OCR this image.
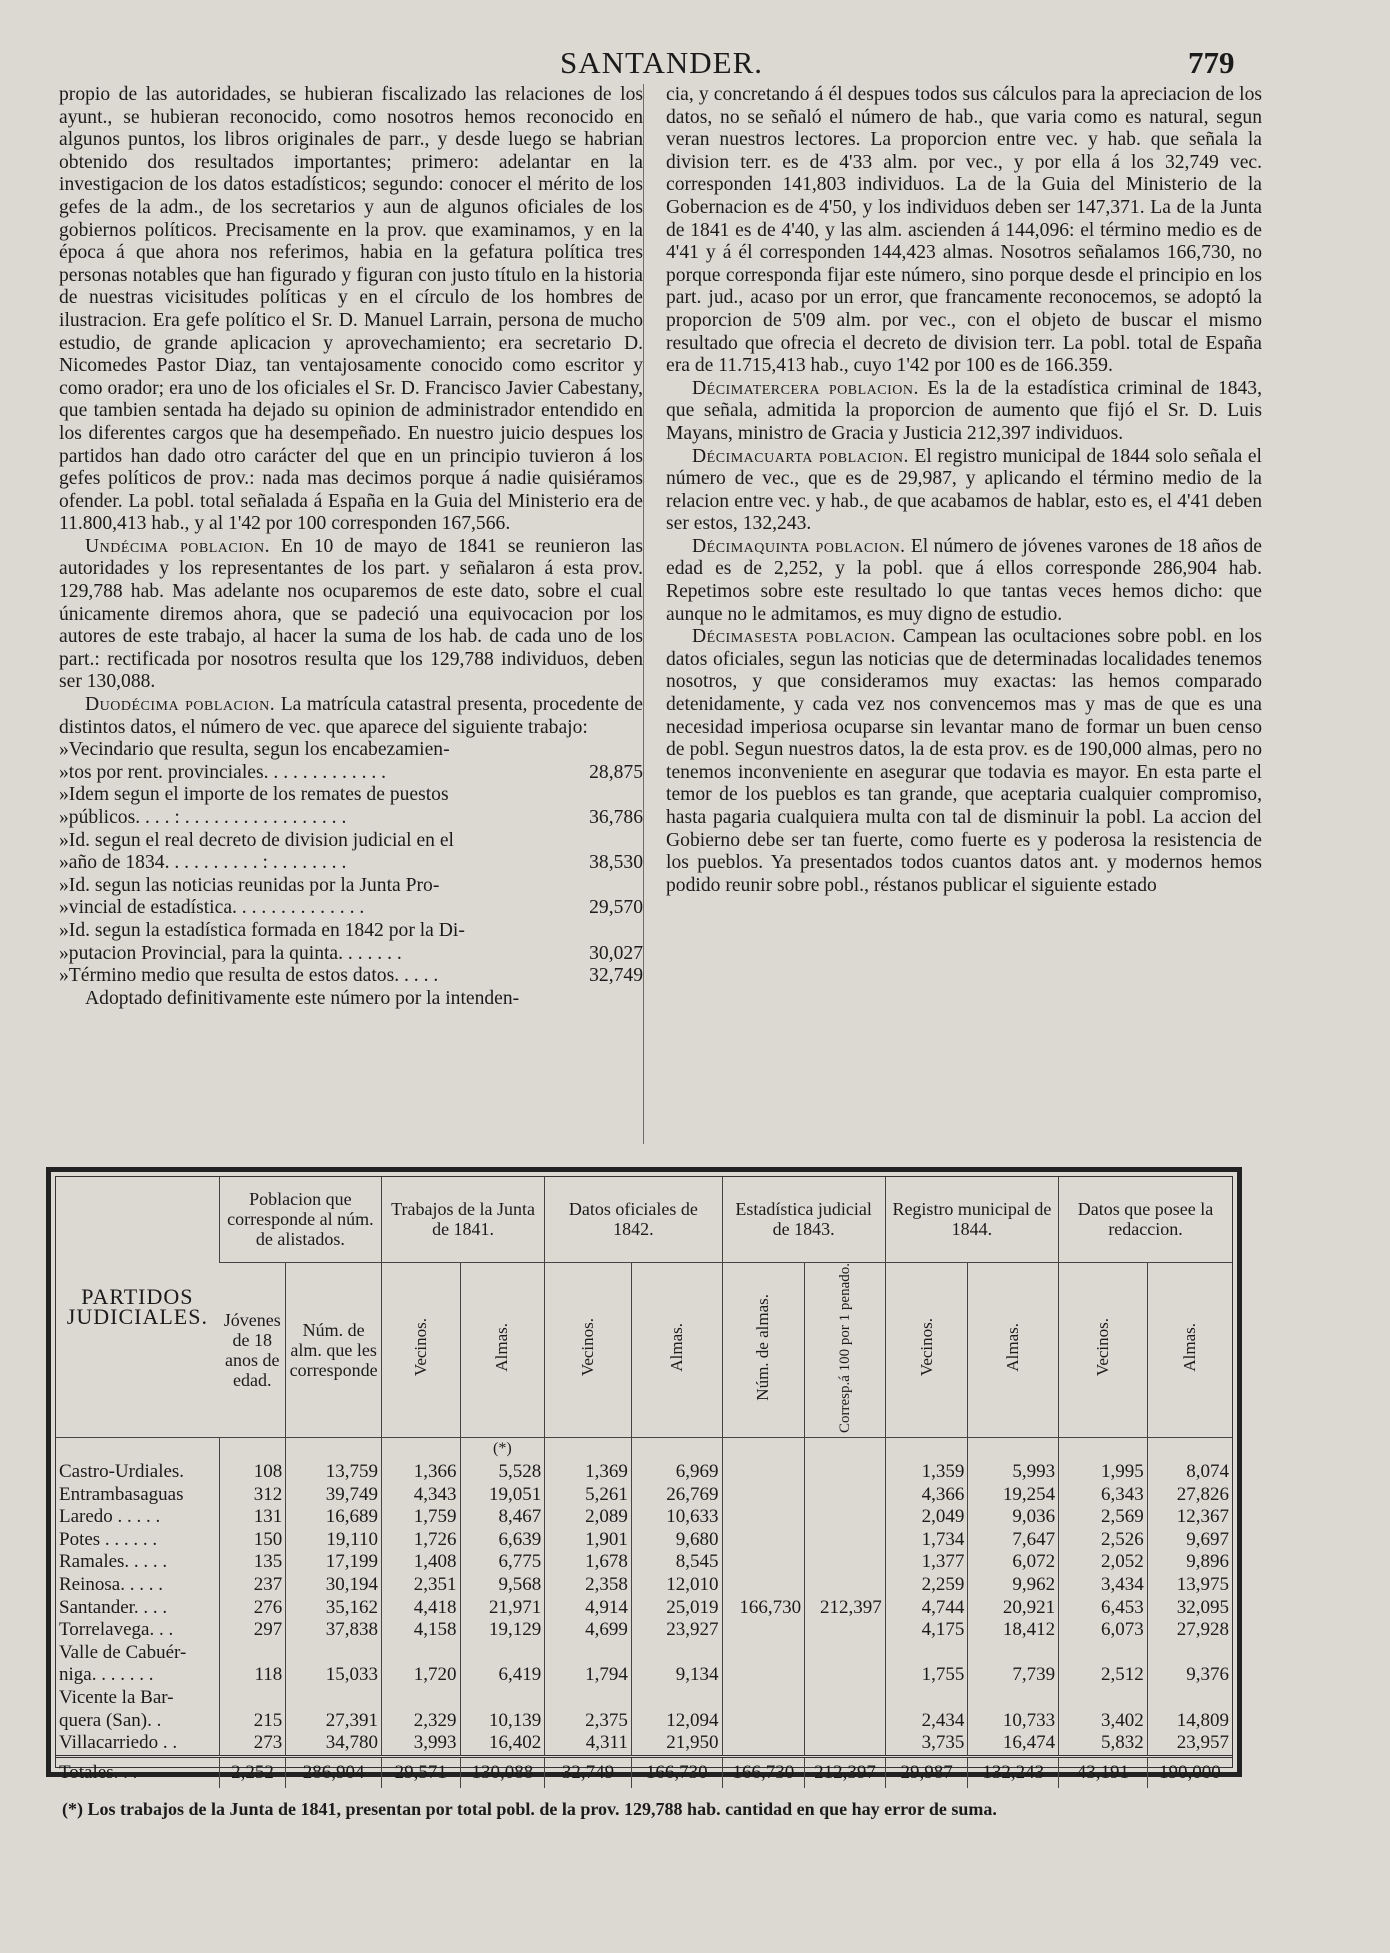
SANTANDER.	779

propio de las autoridades, se hubieran fiscalizado las relaciones de los ayunt., se hubieran reconocido, como nosotros hemos reconocido en algunos puntos, los libros originales de parr., y desde luego se habrian obtenido dos resultados importantes; primero: adelantar en la investigacion de los datos estadísticos; segundo: conocer el mérito de los gefes de la adm., de los secretarios y aun de algunos oficiales de los gobiernos políticos. Precisamente en la prov. que examinamos, y en la época á que ahora nos referimos, habia en la gefatura política tres personas notables que han figurado y figuran con justo título en la historia de nuestras vicisitudes políticas y en el círculo de los hombres de ilustracion. Era gefe político el Sr. D. Manuel Larrain, persona de mucho estudio, de grande aplicacion y aprovechamiento; era secretario D. Nicomedes Pastor Diaz, tan ventajosamente conocido como escritor y como orador; era uno de los oficiales el Sr. D. Francisco Javier Cabestany, que tambien sentada ha dejado su opinion de administrador entendido en los diferentes cargos que ha desempeñado. En nuestro juicio despues los partidos han dado otro carácter del que en un principio tuvieron á los gefes políticos de prov.: nada mas decimos porque á nadie quisiéramos ofender. La pobl. total señalada á España en la Guia del Ministerio era de 11.800,413 hab., y al 1'42 por 100 corresponden 167,566.

Undécima poblacion. En 10 de mayo de 1841 se reunieron las autoridades y los representantes de los part. y señalaron á esta prov. 129,788 hab. Mas adelante nos ocuparemos de este dato, sobre el cual únicamente diremos ahora, que se padeció una equivocacion por los autores de este trabajo, al hacer la suma de los hab. de cada uno de los part.: rectificada por nosotros resulta que los 129,788 individuos, deben ser 130,088.

Duodécima poblacion. La matrícula catastral presenta, procedente de distintos datos, el número de vec. que aparece del siguiente trabajo:

»Vecindario que resulta, segun los encabezamien-
»tos por rent. provinciales. . . . . . . . . . . . .	28,875
»Idem segun el importe de los remates de puestos
»públicos. . . . : . . . . . . . . . . . . . . . . .	36,786
»Id. segun el real decreto de division judicial en el
»año de 1834. . . . . . . . . . : . . . . . . . .	38,530
»Id. segun las noticias reunidas por la Junta Pro-
»vincial de estadística. . . . . . . . . . . . . .	29,570
»Id. segun la estadística formada en 1842 por la Di-
»putacion Provincial, para la quinta. . . . . . .	30,027
»Término medio que resulta de estos datos. . . . .	32,749

Adoptado definitivamente este número por la intenden-

cia, y concretando á él despues todos sus cálculos para la apreciacion de los datos, no se señaló el número de hab., que varia como es natural, segun veran nuestros lectores. La proporcion entre vec. y hab. que señala la division terr. es de 4'33 alm. por vec., y por ella á los 32,749 vec. corresponden 141,803 individuos. La de la Guia del Ministerio de la Gobernacion es de 4'50, y los individuos deben ser 147,371. La de la Junta de 1841 es de 4'40, y las alm. ascienden á 144,096: el término medio es de 4'41 y á él corresponden 144,423 almas. Nosotros señalamos 166,730, no porque corresponda fijar este número, sino porque desde el principio en los part. jud., acaso por un error, que francamente reconocemos, se adoptó la proporcion de 5'09 alm. por vec., con el objeto de buscar el mismo resultado que ofrecia el decreto de division terr. La pobl. total de España era de 11.715,413 hab., cuyo 1'42 por 100 es de 166.359.

Décimatercera poblacion. Es la de la estadística criminal de 1843, que señala, admitida la proporcion de aumento que fijó el Sr. D. Luis Mayans, ministro de Gracia y Justicia 212,397 individuos.

Décimacuarta poblacion. El registro municipal de 1844 solo señala el número de vec., que es de 29,987, y aplicando el término medio de la relacion entre vec. y hab., de que acabamos de hablar, esto es, el 4'41 deben ser estos, 132,243.

Décimaquinta poblacion. El número de jóvenes varones de 18 años de edad es de 2,252, y la pobl. que á ellos corresponde 286,904 hab. Repetimos sobre este resultado lo que tantas veces hemos dicho: que aunque no le admitamos, es muy digno de estudio.

Décimasesta poblacion. Campean las ocultaciones sobre pobl. en los datos oficiales, segun las noticias que de determinadas localidades tenemos nosotros, y que consideramos muy exactas: las hemos comparado detenidamente, y cada vez nos convencemos mas y mas de que es una necesidad imperiosa ocuparse sin levantar mano de formar un buen censo de pobl. Segun nuestros datos, la de esta prov. es de 190,000 almas, pero no tenemos inconveniente en asegurar que todavia es mayor. En esta parte el temor de los pueblos es tan grande, que aceptaria cualquier compromiso, hasta pagaria cualquiera multa con tal de disminuir la pobl. La accion del Gobierno debe ser tan fuerte, como fuerte es y poderosa la resistencia de los pueblos. Ya presentados todos cuantos datos ant. y modernos hemos podido reunir sobre pobl., réstanos publicar el siguiente estado

PARTIDOS JUDICIALES.	Poblacion que corresponde al núm. de alistados.		Trabajos de la Junta de 1841.		Datos oficiales de 1842.		Estadística judicial de 1843.		Registro municipal de 1844.		Datos que posee la redaccion.	
	Jóvenes de 18 anos de edad.	Núm. de alm. que les corresponde	Vecinos.	Almas.	Vecinos.	Almas.	Núm. de almas.	Corresp.á 100 por 1 penado.	Vecinos.	Almas.	Vecinos.	Almas.
				(*)								
Castro-Urdiales.	108	13,759	1,366	5,528	1,369	6,969			1,359	5,993	1,995	8,074
Entrambasaguas	312	39,749	4,343	19,051	5,261	26,769			4,366	19,254	6,343	27,826
Laredo . . . . .	131	16,689	1,759	8,467	2,089	10,633			2,049	9,036	2,569	12,367
Potes . . . . . .	150	19,110	1,726	6,639	1,901	9,680			1,734	7,647	2,526	9,697
Ramales. . . . .	135	17,199	1,408	6,775	1,678	8,545			1,377	6,072	2,052	9,896
Reinosa. . . . .	237	30,194	2,351	9,568	2,358	12,010			2,259	9,962	3,434	13,975
Santander. . . .	276	35,162	4,418	21,971	4,914	25,019	166,730	212,397	4,744	20,921	6,453	32,095
Torrelavega. . .	297	37,838	4,158	19,129	4,699	23,927			4,175	18,412	6,073	27,928
Valle de Cabuér-												
niga. . . . . . .	118	15,033	1,720	6,419	1,794	9,134			1,755	7,739	2,512	9,376
Vicente la Bar-												
quera (San). .	215	27,391	2,329	10,139	2,375	12,094			2,434	10,733	3,402	14,809
Villacarriedo . .	273	34,780	3,993	16,402	4,311	21,950			3,735	16,474	5,832	23,957
Totales. . .	2,252	286,904	29,571	130,088	32,749	166,730	166,730	212,397	29,987	132,243	43,191	190,000
(*) Los trabajos de la Junta de 1841, presentan por total pobl. de la prov. 129,788 hab. cantidad en que hay error de suma.
